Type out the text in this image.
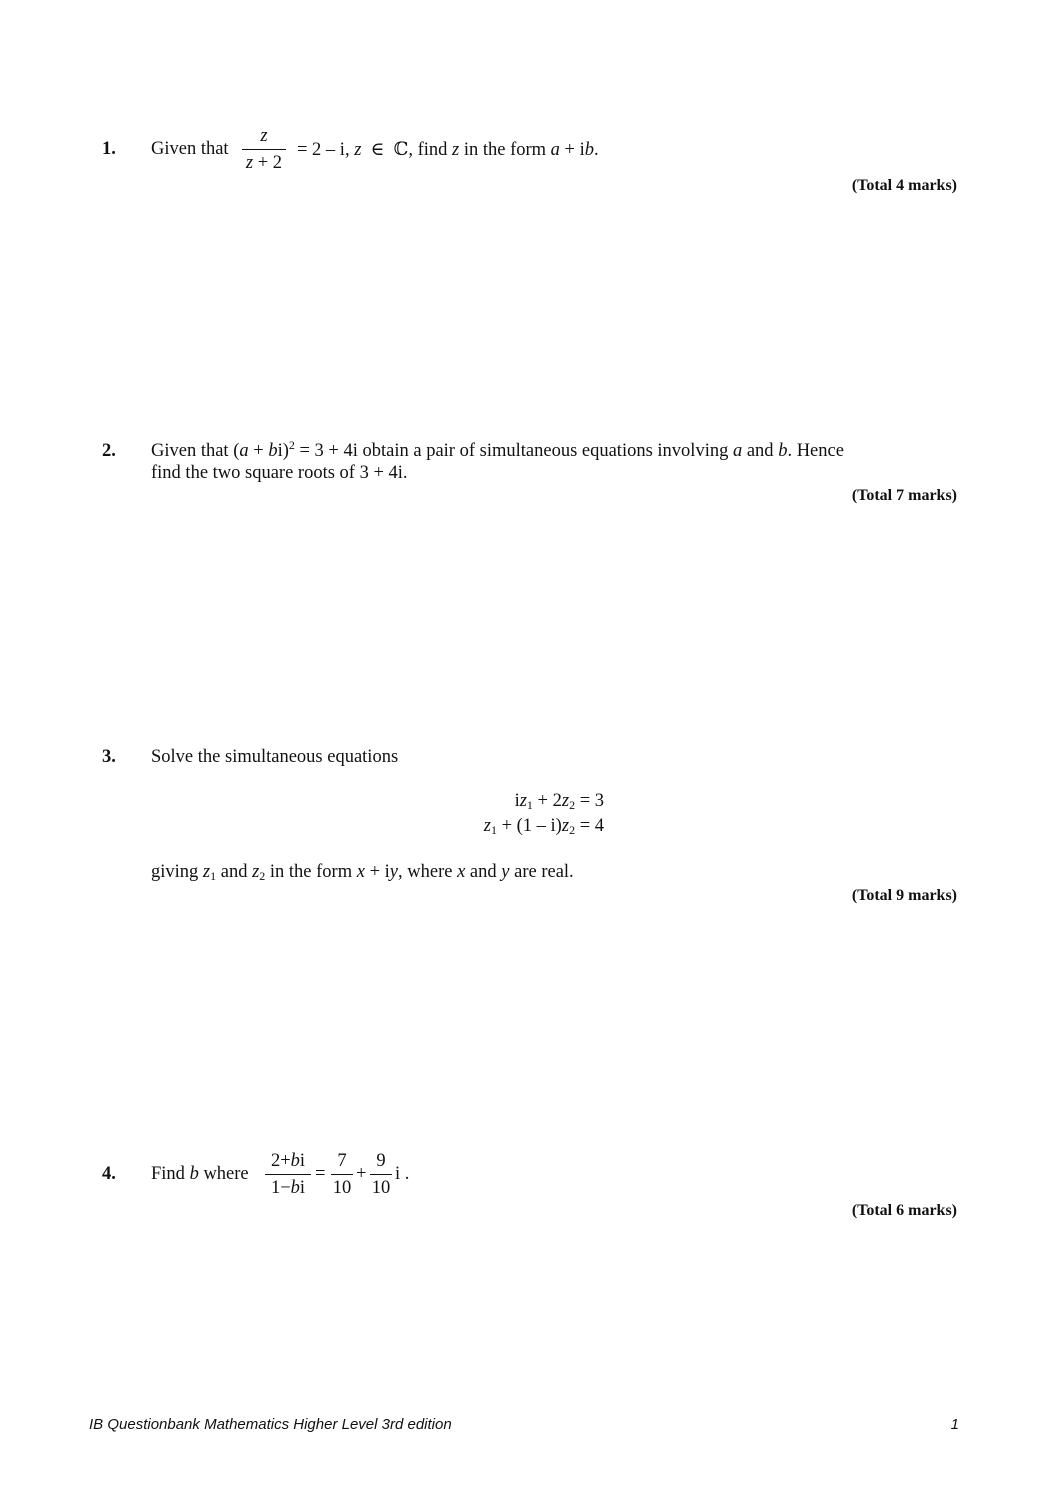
1. Given that
z
z + 2
= 2 – i, z  ∈  ℂ, find z in the form a + ib.
(Total 4 marks)
2. Given that (a + bi)$^2$ = 3 + 4i obtain a pair of simultaneous equations involving a and b. Hence
find the two square roots of 3 + 4i.
(Total 7 marks)
3. Solve the simultaneous equations
$iz_1 + 2z_2 = 3$
$z_1 + (1 - i)z_2 = 4$
giving $z_1$ and $z_2$ in the form x + iy, where x and y are real.
(Total 9 marks)
4. Find b where
2+bi
1−bi
=
7
10
+
9
10
i .
(Total 6 marks)
IB Questionbank Mathematics Higher Level 3rd edition	1
